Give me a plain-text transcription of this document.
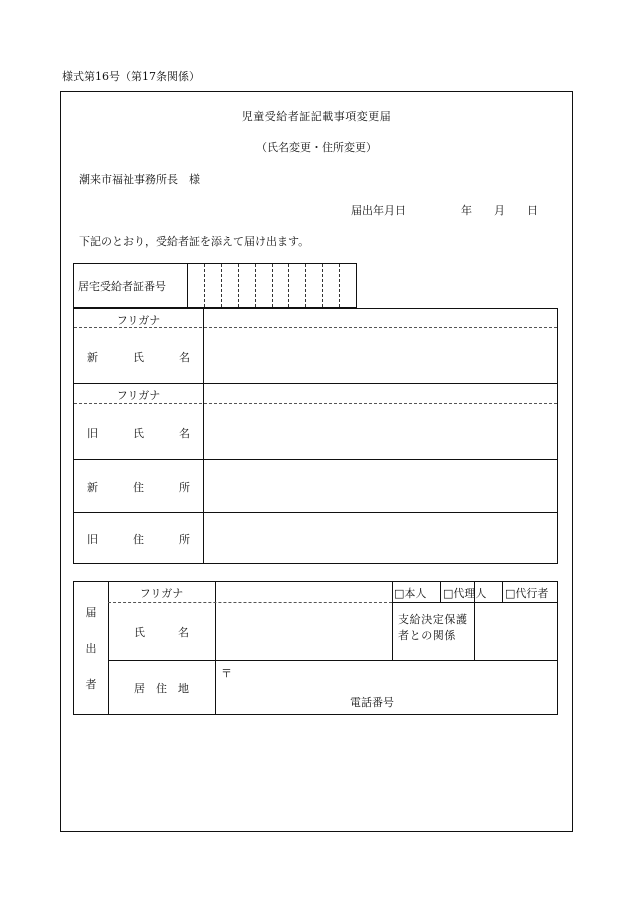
様式第16号（第17条関係）
児童受給者証記載事項変更届
（氏名変更・住所変更）
潮来市福祉事務所長　様
届出年月日　　　　　年　　月　　日
下記のとおり，受給者証を添えて届け出ます。
居宅受給者証番号
フリガナ
新　氏　名
フリガナ
旧　氏　名
新　住　所
旧　住　所
届
出
者
フリガナ
氏　　　名
居　住　地
□本人 □代理人 □代行者
支給決定保護者との関係
〒
電話番号
